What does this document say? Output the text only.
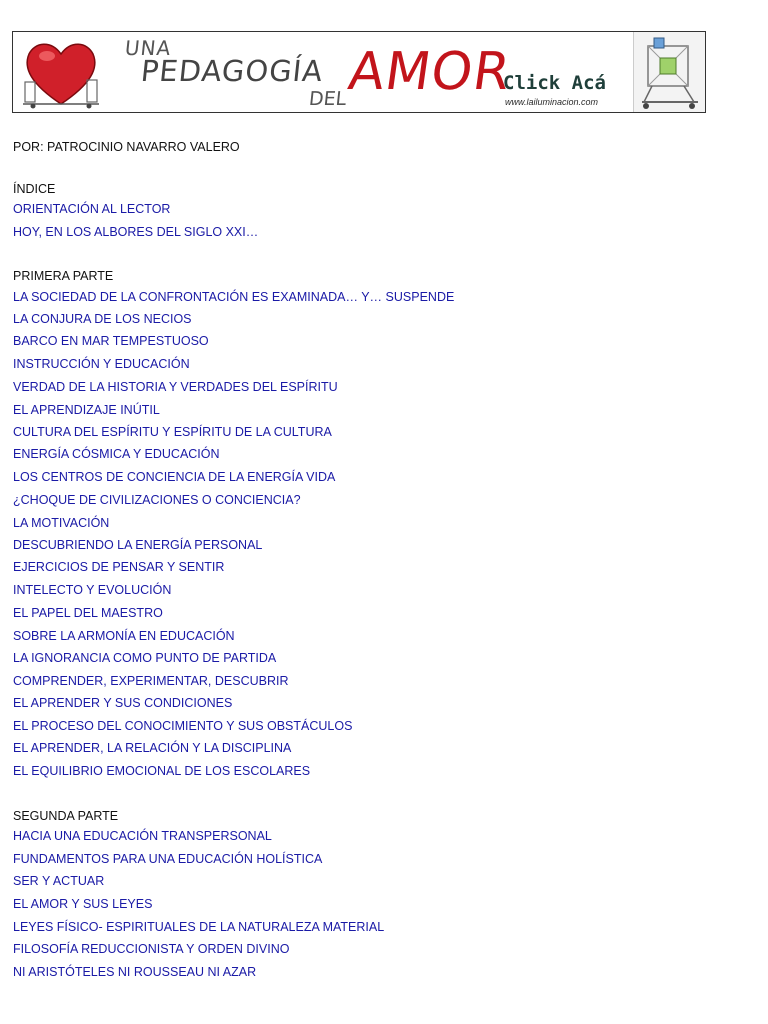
UNA
PEDAGOGÍA
DEL
AMOR
Click Acá
www.lailuminacion.com
POR: PATROCINIO NAVARRO VALERO
ÍNDICE
ORIENTACIÓN AL LECTOR
HOY, EN LOS ALBORES DEL SIGLO XXI…
PRIMERA PARTE
LA SOCIEDAD DE LA CONFRONTACIÓN ES EXAMINADA… Y… SUSPENDE
LA CONJURA DE LOS NECIOS
BARCO EN MAR TEMPESTUOSO
INSTRUCCIÓN Y EDUCACIÓN
VERDAD DE LA HISTORIA Y VERDADES DEL ESPÍRITU
EL APRENDIZAJE INÚTIL
CULTURA DEL ESPÍRITU Y ESPÍRITU DE LA CULTURA
ENERGÍA CÓSMICA Y EDUCACIÓN
LOS CENTROS DE CONCIENCIA DE LA ENERGÍA VIDA
¿CHOQUE DE CIVILIZACIONES O CONCIENCIA?
LA MOTIVACIÓN
DESCUBRIENDO LA ENERGÍA PERSONAL
EJERCICIOS DE PENSAR Y SENTIR
INTELECTO Y EVOLUCIÓN
EL PAPEL DEL MAESTRO
SOBRE LA ARMONÍA EN EDUCACIÓN
LA IGNORANCIA COMO PUNTO DE PARTIDA
COMPRENDER, EXPERIMENTAR, DESCUBRIR
EL APRENDER Y SUS CONDICIONES
EL PROCESO DEL CONOCIMIENTO Y SUS OBSTÁCULOS
EL APRENDER, LA RELACIÓN Y LA DISCIPLINA
EL EQUILIBRIO EMOCIONAL DE LOS ESCOLARES
SEGUNDA PARTE
HACIA UNA EDUCACIÓN TRANSPERSONAL
FUNDAMENTOS PARA UNA EDUCACIÓN HOLÍSTICA
SER Y ACTUAR
EL AMOR Y SUS LEYES
LEYES FÍSICO- ESPIRITUALES DE LA NATURALEZA MATERIAL
FILOSOFÍA REDUCCIONISTA Y ORDEN DIVINO
NI ARISTÓTELES NI ROUSSEAU NI AZAR
